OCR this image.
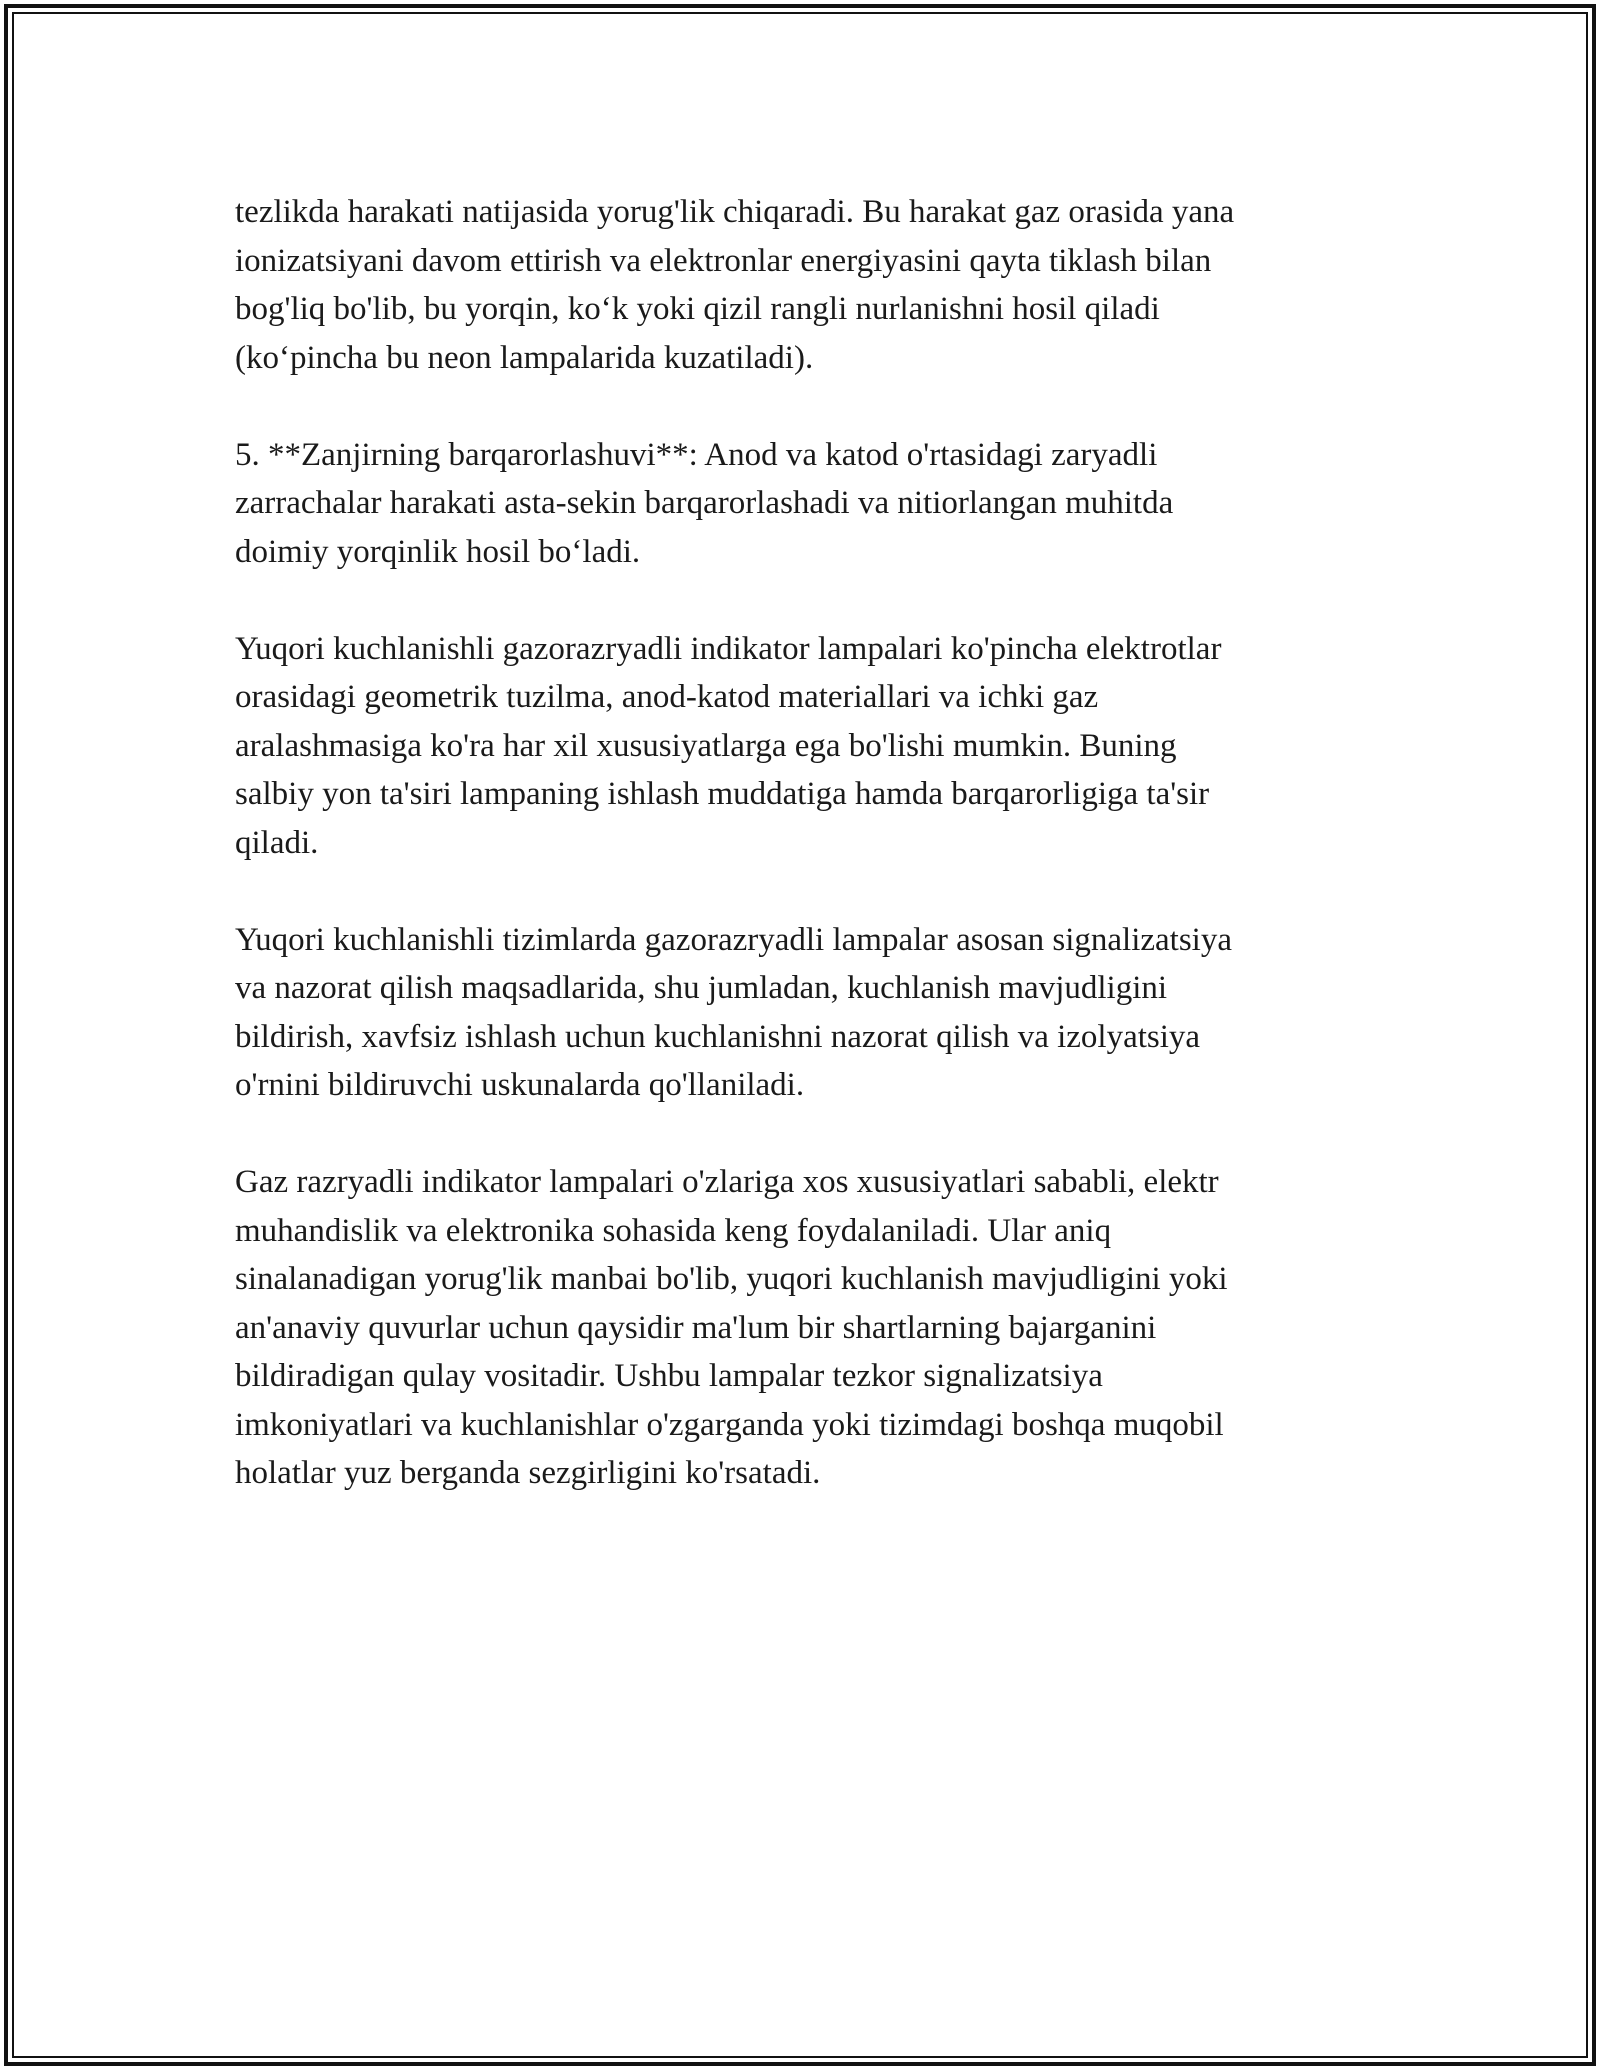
tezlikda harakati natijasida yorug'lik chiqaradi. Bu harakat gaz orasida yana
ionizatsiyani davom ettirish va elektronlar energiyasini qayta tiklash bilan
bog'liq bo'lib, bu yorqin, ko‘k yoki qizil rangli nurlanishni hosil qiladi
(ko‘pincha bu neon lampalarida kuzatiladi).

5. **Zanjirning barqarorlashuvi**: Anod va katod o'rtasidagi zaryadli
zarrachalar harakati asta-sekin barqarorlashadi va nitiorlangan muhitda
doimiy yorqinlik hosil bo‘ladi.

Yuqori kuchlanishli gazorazryadli indikator lampalari ko'pincha elektrotlar
orasidagi geometrik tuzilma, anod-katod materiallari va ichki gaz
aralashmasiga ko'ra har xil xususiyatlarga ega bo'lishi mumkin. Buning
salbiy yon ta'siri lampaning ishlash muddatiga hamda barqarorligiga ta'sir
qiladi.

Yuqori kuchlanishli tizimlarda gazorazryadli lampalar asosan signalizatsiya
va nazorat qilish maqsadlarida, shu jumladan, kuchlanish mavjudligini
bildirish, xavfsiz ishlash uchun kuchlanishni nazorat qilish va izolyatsiya
o'rnini bildiruvchi uskunalarda qo'llaniladi.

Gaz razryadli indikator lampalari o'zlariga xos xususiyatlari sababli, elektr
muhandislik va elektronika sohasida keng foydalaniladi. Ular aniq
sinalanadigan yorug'lik manbai bo'lib, yuqori kuchlanish mavjudligini yoki
an'anaviy quvurlar uchun qaysidir ma'lum bir shartlarning bajarganini
bildiradigan qulay vositadir. Ushbu lampalar tezkor signalizatsiya
imkoniyatlari va kuchlanishlar o'zgarganda yoki tizimdagi boshqa muqobil
holatlar yuz berganda sezgirligini ko'rsatadi.
